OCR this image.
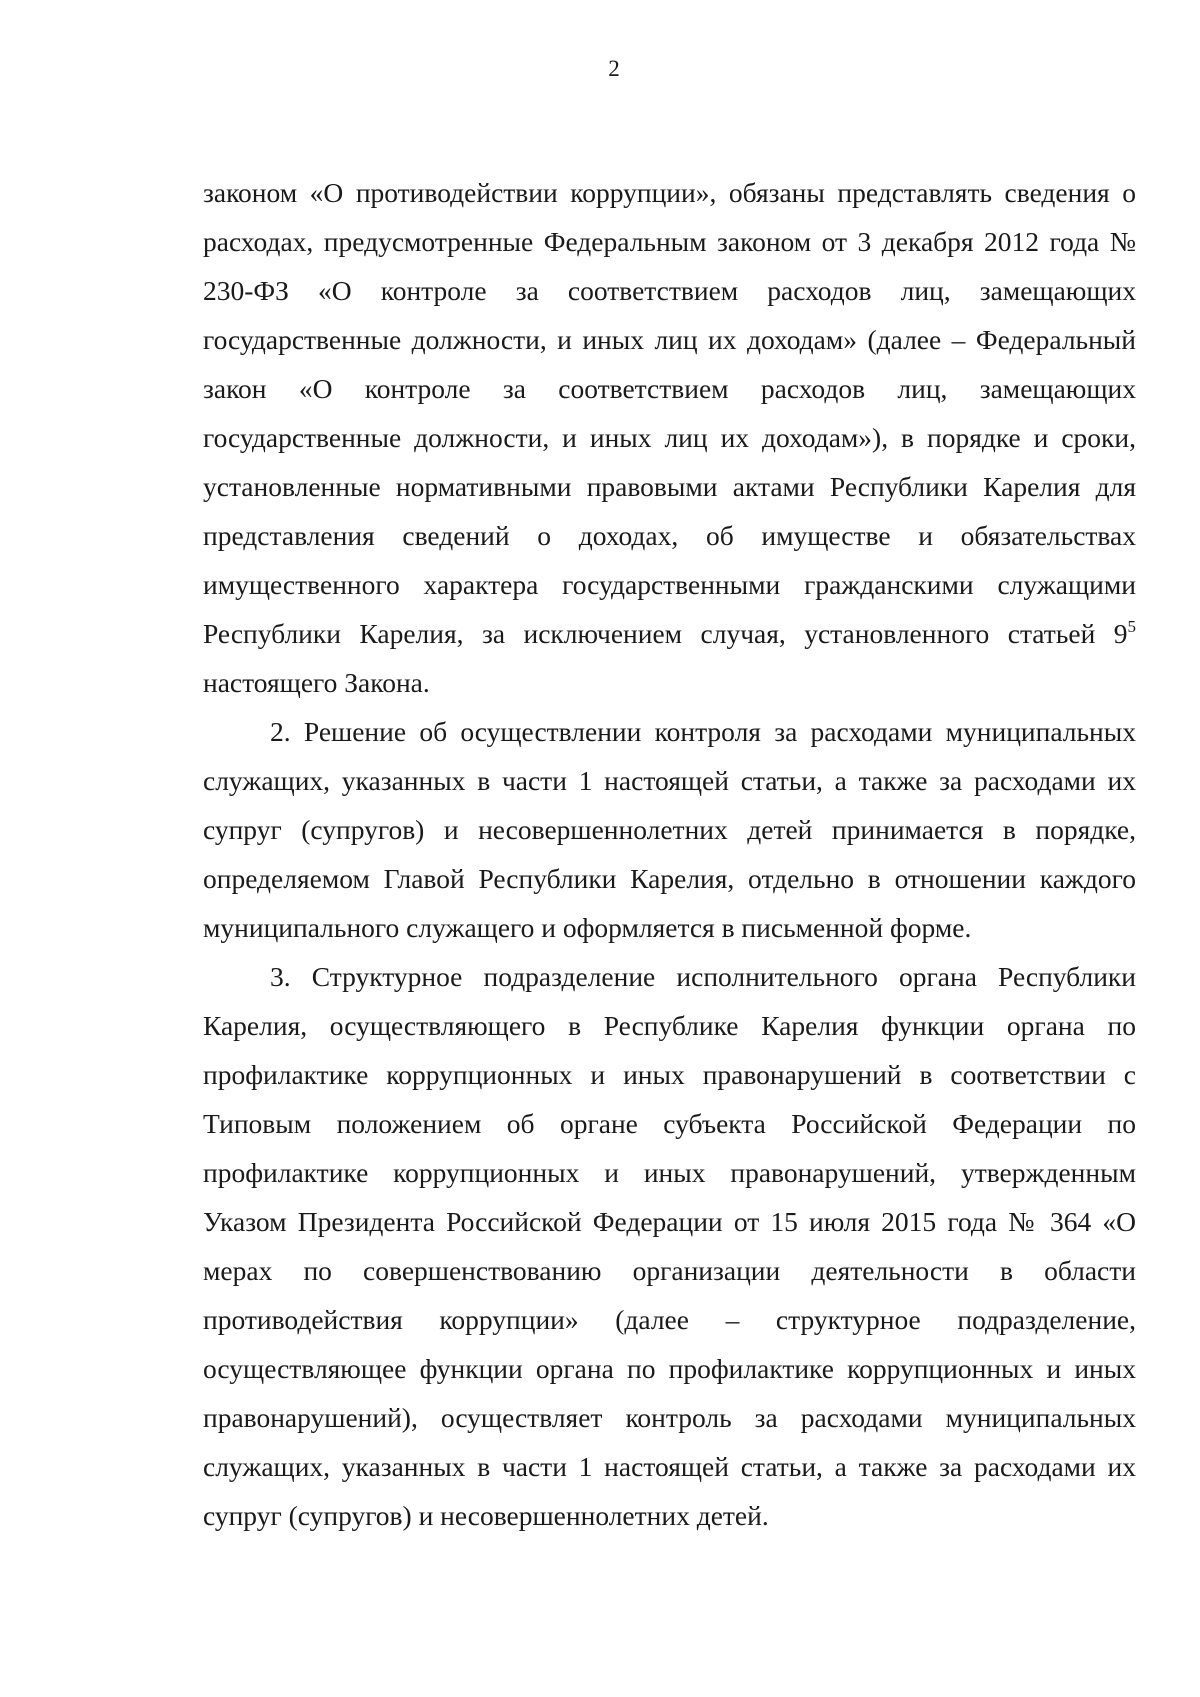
2

законом «О противодействии коррупции», обязаны представлять сведения о расходах, предусмотренные Федеральным законом от 3 декабря 2012 года № 230-ФЗ «О контроле за соответствием расходов лиц, замещающих государственные должности, и иных лиц их доходам» (далее – Федеральный закон «О контроле за соответствием расходов лиц, замещающих государственные должности, и иных лиц их доходам»), в порядке и сроки, установленные нормативными правовыми актами Республики Карелия для представления сведений о доходах, об имуществе и обязательствах имущественного характера государственными гражданскими служащими Республики Карелия, за исключением случая, установленного статьей $9^5$ настоящего Закона.

2. Решение об осуществлении контроля за расходами муниципальных служащих, указанных в части 1 настоящей статьи, а также за расходами их супруг (супругов) и несовершеннолетних детей принимается в порядке, определяемом Главой Республики Карелия, отдельно в отношении каждого муниципального служащего и оформляется в письменной форме.

3. Структурное подразделение исполнительного органа Республики Карелия, осуществляющего в Республике Карелия функции органа по профилактике коррупционных и иных правонарушений в соответствии с Типовым положением об органе субъекта Российской Федерации по профилактике коррупционных и иных правонарушений, утвержденным Указом Президента Российской Федерации от 15 июля 2015 года № 364 «О мерах по совершенствованию организации деятельности в области противодействия коррупции» (далее – структурное подразделение, осуществляющее функции органа по профилактике коррупционных и иных правонарушений), осуществляет контроль за расходами муниципальных служащих, указанных в части 1 настоящей статьи, а также за расходами их супруг (супругов) и несовершеннолетних детей.
